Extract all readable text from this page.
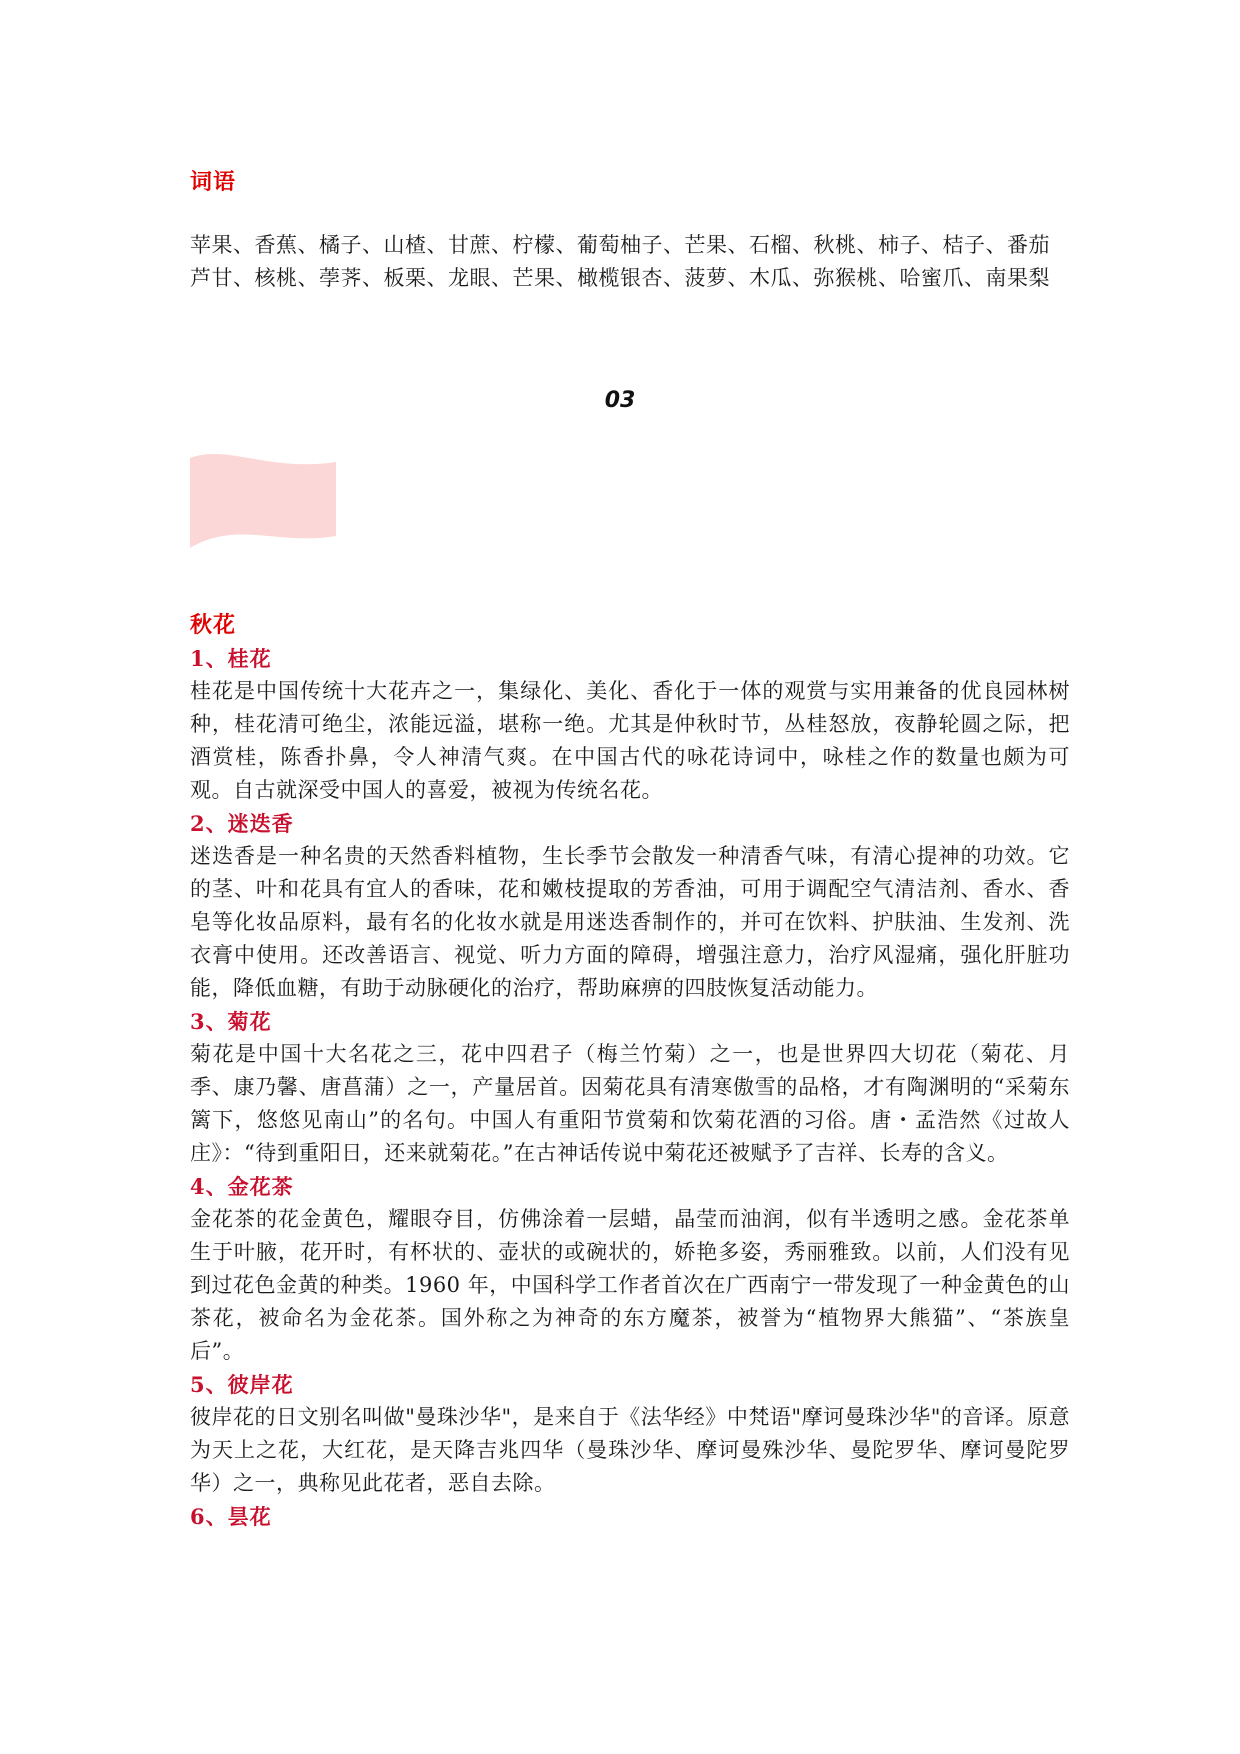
词语

苹果、香蕉、橘子、山楂、甘蔗、柠檬、葡萄柚子、芒果、石榴、秋桃、柿子、桔子、番茄芦甘、核桃、荸荠、板栗、龙眼、芒果、橄榄银杏、菠萝、木瓜、弥猴桃、哈蜜爪、南果梨

03
秋花
1、桂花

桂花是中国传统十大花卉之一，集绿化、美化、香化于一体的观赏与实用兼备的优良园林树种，桂花清可绝尘，浓能远溢，堪称一绝。尤其是仲秋时节，丛桂怒放，夜静轮圆之际，把酒赏桂，陈香扑鼻，令人神清气爽。在中国古代的咏花诗词中，咏桂之作的数量也颇为可观。自古就深受中国人的喜爱，被视为传统名花。

2、迷迭香

迷迭香是一种名贵的天然香料植物，生长季节会散发一种清香气味，有清心提神的功效。它的茎、叶和花具有宜人的香味，花和嫩枝提取的芳香油，可用于调配空气清洁剂、香水、香皂等化妆品原料，最有名的化妆水就是用迷迭香制作的，并可在饮料、护肤油、生发剂、洗衣膏中使用。还改善语言、视觉、听力方面的障碍，增强注意力，治疗风湿痛，强化肝脏功能，降低血糖，有助于动脉硬化的治疗，帮助麻痹的四肢恢复活动能力。

3、菊花

菊花是中国十大名花之三，花中四君子（梅兰竹菊）之一，也是世界四大切花（菊花、月季、康乃馨、唐菖蒲）之一，产量居首。因菊花具有清寒傲雪的品格，才有陶渊明的“采菊东篱下，悠悠见南山”的名句。中国人有重阳节赏菊和饮菊花酒的习俗。唐・孟浩然《过故人庄》：“待到重阳日，还来就菊花。”在古神话传说中菊花还被赋予了吉祥、长寿的含义。

4、金花茶

金花茶的花金黄色，耀眼夺目，仿佛涂着一层蜡，晶莹而油润，似有半透明之感。金花茶单生于叶腋，花开时，有杯状的、壶状的或碗状的，娇艳多姿，秀丽雅致。以前，人们没有见到过花色金黄的种类。1960 年，中国科学工作者首次在广西南宁一带发现了一种金黄色的山茶花，被命名为金花茶。国外称之为神奇的东方魔茶，被誉为“植物界大熊猫”、“茶族皇后”。

5、彼岸花

彼岸花的日文别名叫做"曼珠沙华"，是来自于《法华经》中梵语"摩诃曼珠沙华"的音译。原意为天上之花，大红花，是天降吉兆四华（曼珠沙华、摩诃曼殊沙华、曼陀罗华、摩诃曼陀罗华）之一，典称见此花者，恶自去除。

6、昙花
